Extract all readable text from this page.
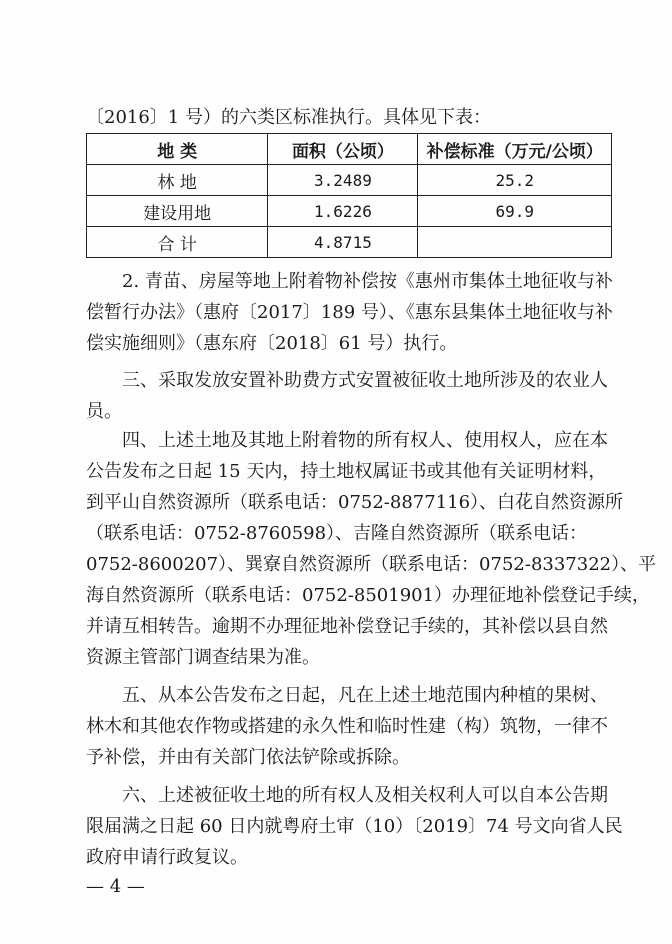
〔2016〕1 号）的六类区标准执行。具体见下表：
地 类	面积（公顷）	补偿标准（万元/公顷）
林 地	3.2489	25.2
建设用地	1.6226	69.9
合 计	4.8715	

2. 青苗、房屋等地上附着物补偿按《惠州市集体土地征收与补

偿暂行办法》（惠府〔2017〕189 号）、《惠东县集体土地征收与补

偿实施细则》（惠东府〔2018〕61 号）执行。

三、采取发放安置补助费方式安置被征收土地所涉及的农业人

员。

四、上述土地及其地上附着物的所有权人、使用权人，应在本

公告发布之日起 15 天内，持土地权属证书或其他有关证明材料，

到平山自然资源所（联系电话：0752-8877116）、白花自然资源所

（联系电话：0752-8760598）、吉隆自然资源所（联系电话：

0752-8600207）、巽寮自然资源所（联系电话：0752-8337322）、平

海自然资源所（联系电话：0752-8501901）办理征地补偿登记手续，

并请互相转告。逾期不办理征地补偿登记手续的，其补偿以县自然

资源主管部门调查结果为准。

五、从本公告发布之日起，凡在上述土地范围内种植的果树、

林木和其他农作物或搭建的永久性和临时性建（构）筑物，一律不

予补偿，并由有关部门依法铲除或拆除。

六、上述被征收土地的所有权人及相关权利人可以自本公告期

限届满之日起 60 日内就粤府土审（10）〔2019〕74 号文向省人民

政府申请行政复议。

— 4 —
